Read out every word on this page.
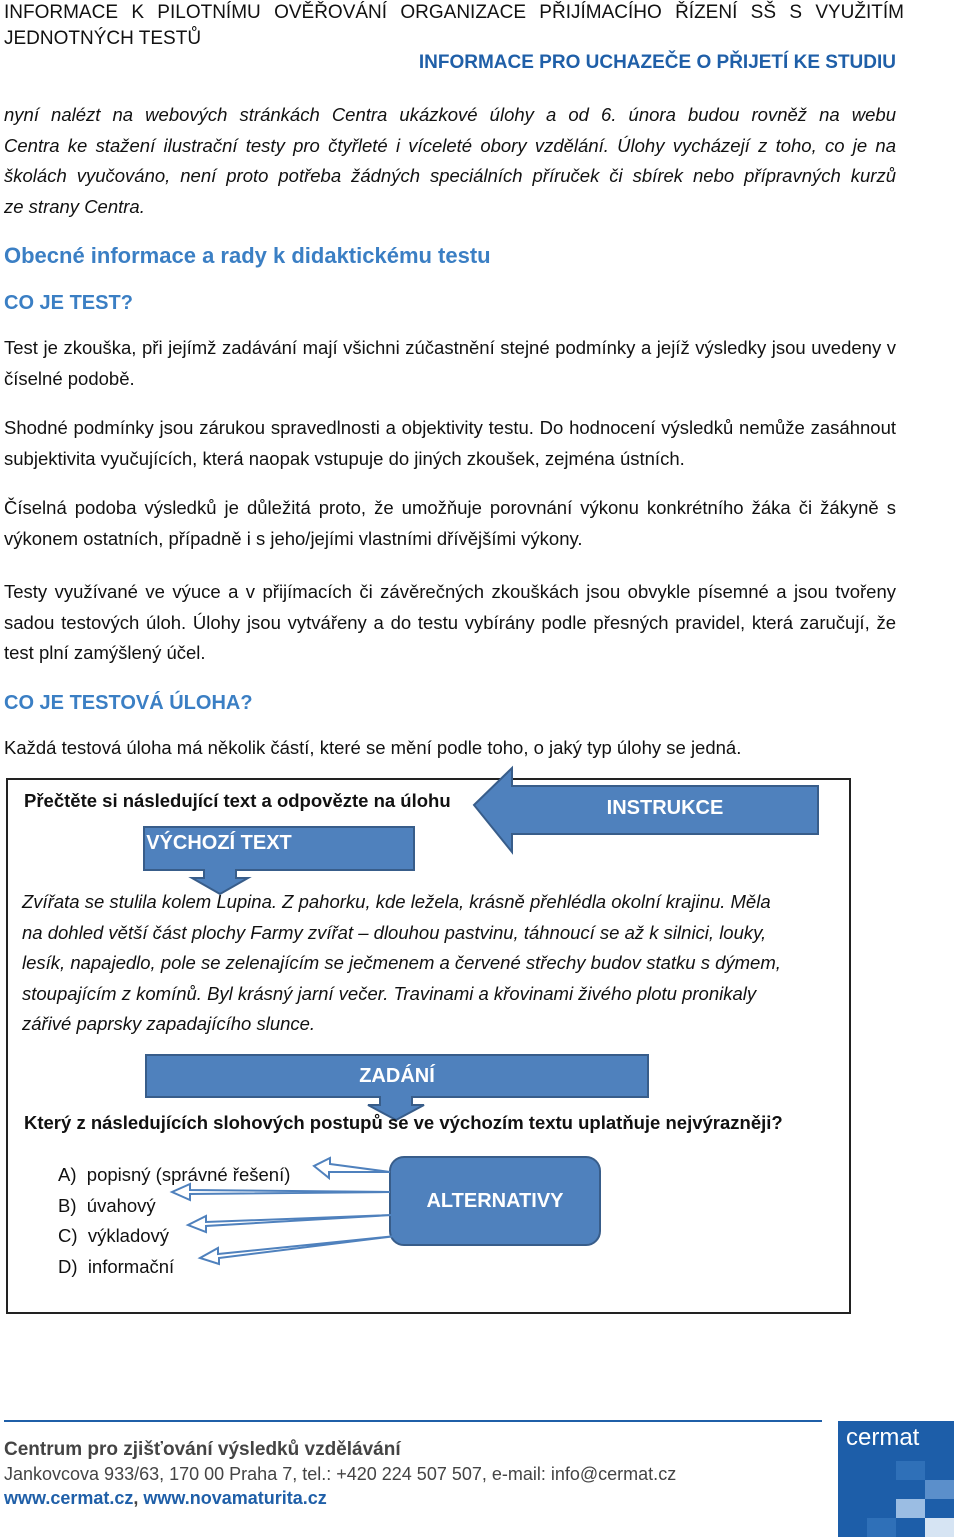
INFORMACE K PILOTNÍMU OVĚŘOVÁNÍ ORGANIZACE PŘIJÍMACÍHO ŘÍZENÍ SŠ S VYUŽITÍM
JEDNOTNÝCH TESTŮ
INFORMACE PRO UCHAZEČE O PŘIJETÍ KE STUDIU
nyní nalézt na webových stránkách Centra ukázkové úlohy a od 6. února budou rovněž na webu
Centra ke stažení ilustrační testy pro čtyřleté i víceleté obory vzdělání. Úlohy vycházejí z toho, co je na
školách vyučováno, není proto potřeba žádných speciálních příruček či sbírek nebo přípravných kurzů
ze strany Centra.
Obecné informace a rady k didaktickému testu
CO JE TEST?
Test je zkouška, při jejímž zadávání mají všichni zúčastnění stejné podmínky a jejíž výsledky jsou uvedeny v číselné podobě.
Shodné podmínky jsou zárukou spravedlnosti a objektivity testu. Do hodnocení výsledků nemůže zasáhnout subjektivita vyučujících, která naopak vstupuje do jiných zkoušek, zejména ústních.
Číselná podoba výsledků je důležitá proto, že umožňuje porovnání výkonu konkrétního žáka či žákyně s výkonem ostatních, případně i s jeho/jejími vlastními dřívějšími výkony.
Testy využívané ve výuce a v přijímacích či závěrečných zkouškách jsou obvykle písemné a jsou tvořeny sadou testových úloh. Úlohy jsou vytvářeny a do testu vybírány podle přesných pravidel, která zaručují, že test plní zamýšlený účel.
CO JE TESTOVÁ ÚLOHA?
Každá testová úloha má několik částí, které se mění podle toho, o jaký typ úlohy se jedná.
Přečtěte si následující text a odpovězte na úlohu	INSTRUKCE
VÝCHOZÍ TEXT
Zvířata se stulila kolem Lupina. Z pahorku, kde ležela, krásně přehlédla okolní krajinu. Měla
na dohled větší část plochy Farmy zvířat – dlouhou pastvinu, táhnoucí se až k silnici, louky,
lesík, napajedlo, pole se zelenajícím se ječmenem a červené střechy budov statku s dýmem,
stoupajícím z komínů. Byl krásný jarní večer. Travinami a křovinami živého plotu pronikaly
zářivé paprsky zapadajícího slunce.
ZADÁNÍ
Který z následujících slohových postupů se ve výchozím textu uplatňuje nejvýrazněji?
A) popisný (správné řešení)
B) úvahový
C) výkladový
D) informační
ALTERNATIVY
Centrum pro zjišťování výsledků vzdělávání
Jankovcova 933/63, 170 00 Praha 7, tel.: +420 224 507 507, e-mail: info@cermat.cz
www.cermat.cz, www.novamaturita.cz
cermat
